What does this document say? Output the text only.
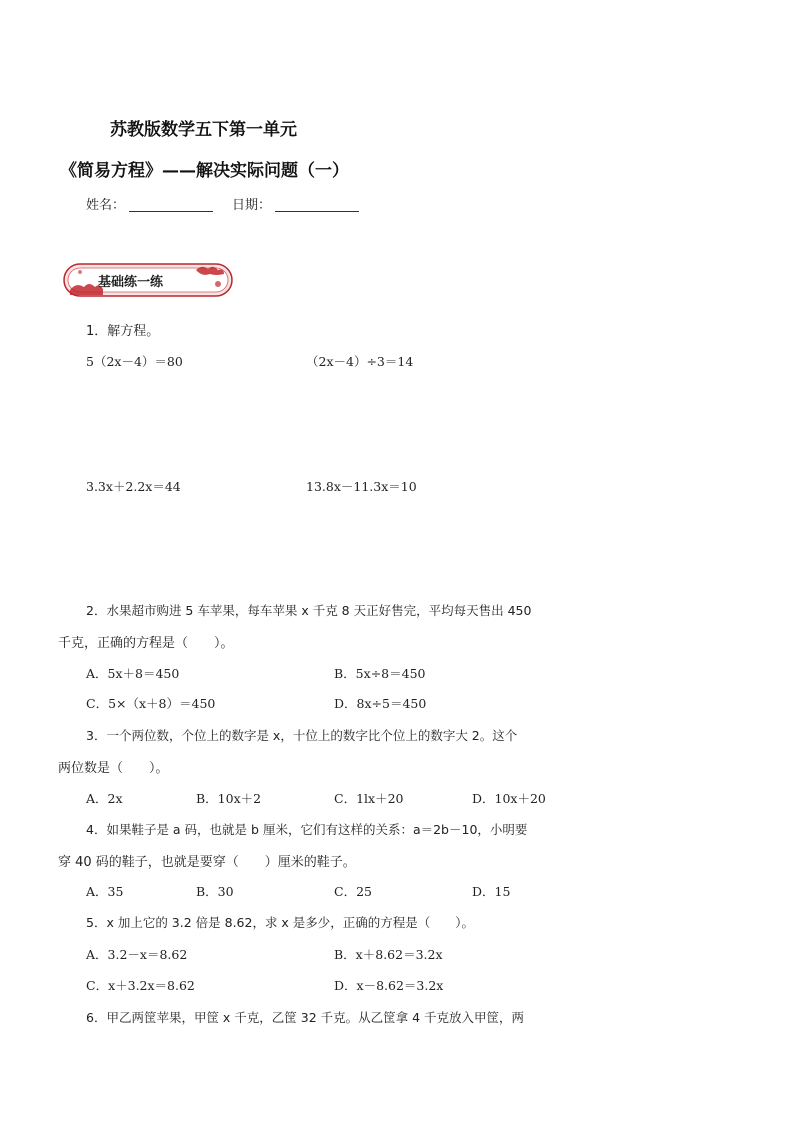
苏教版数学五下第一单元
《简易方程》——解决实际问题（一）
姓名：	日期：
基础练一练
1．解方程。
5（2x－4）＝80	（2x－4）÷3＝14
3.3x＋2.2x＝44	13.8x－11.3x＝10
2．水果超市购进 5 车苹果，每车苹果 x 千克 8 天正好售完，平均每天售出 450
千克，正确的方程是（　　）。
A．5x＋8＝450	B．5x÷8＝450
C．5×（x＋8）＝450	D．8x÷5＝450
3．一个两位数，个位上的数字是 x，十位上的数字比个位上的数字大 2。这个
两位数是（　　）。
A．2x	B．10x＋2	C．1lx＋20	D．10x＋20
4．如果鞋子是 a 码，也就是 b 厘米，它们有这样的关系：a＝2b－10，小明要
穿 40 码的鞋子，也就是要穿（　　）厘米的鞋子。
A．35	B．30	C．25	D．15
5．x 加上它的 3.2 倍是 8.62，求 x 是多少，正确的方程是（　　）。
A．3.2－x＝8.62	B．x＋8.62＝3.2x
C．x＋3.2x＝8.62	D．x－8.62＝3.2x
6．甲乙两筐苹果，甲筐 x 千克，乙筐 32 千克。从乙筐拿 4 千克放入甲筐，两
